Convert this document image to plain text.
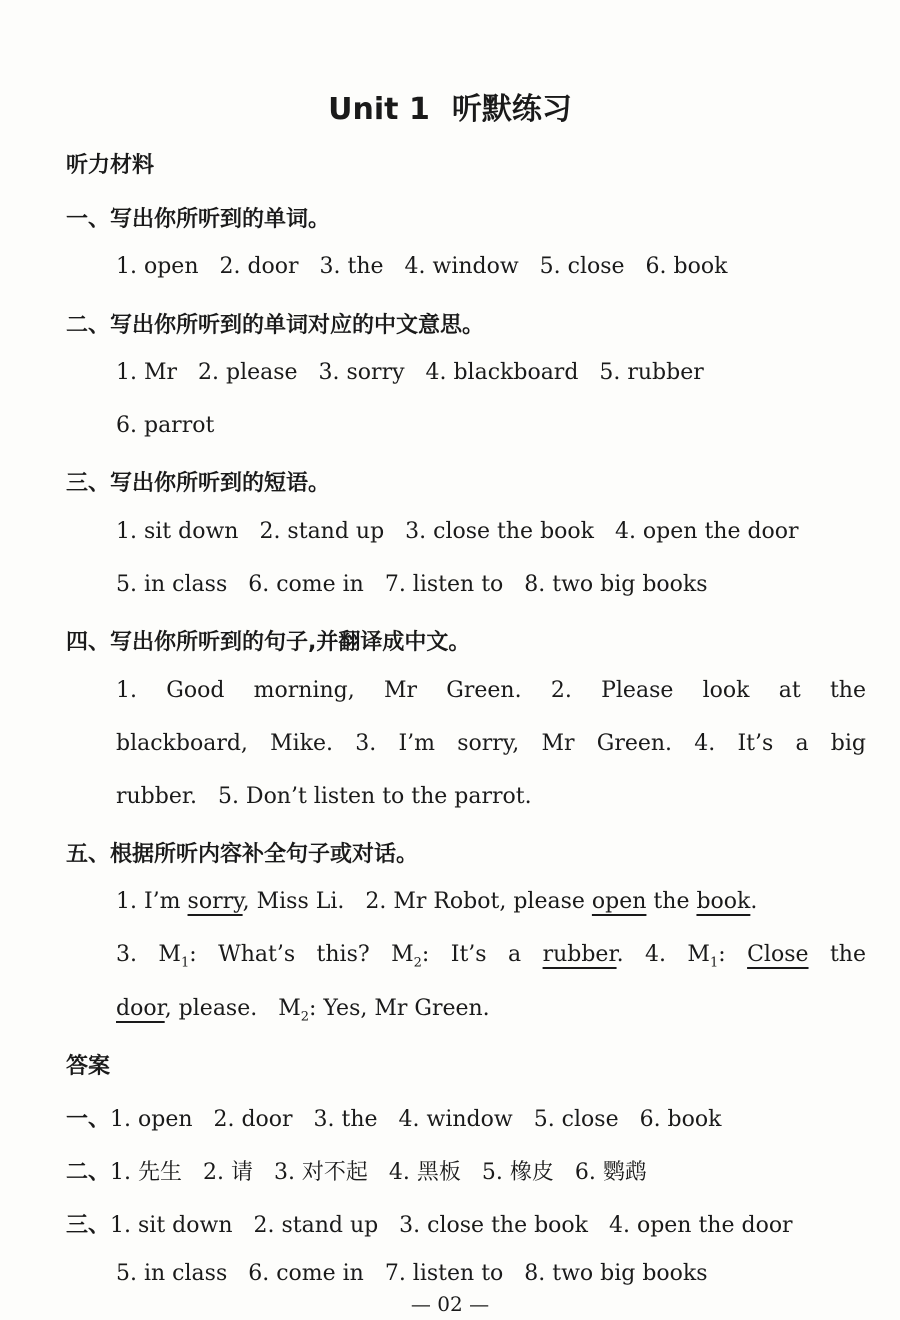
Unit 1 听默练习
听力材料
一、写出你所听到的单词。
1. open   2. door   3. the   4. window   5. close   6. book
二、写出你所听到的单词对应的中文意思。
1. Mr   2. please   3. sorry   4. blackboard   5. rubber
6. parrot
三、写出你所听到的短语。
1. sit down   2. stand up   3. close the book   4. open the door
5. in class   6. come in   7. listen to   8. two big books
四、写出你所听到的句子,并翻译成中文。
1. Good morning, Mr Green. 2. Please look at the
blackboard, Mike. 3. I’m sorry, Mr Green. 4. It’s a big
rubber.   5. Don’t listen to the parrot.
五、根据所听内容补全句子或对话。
1. I’m sorry, Miss Li.   2. Mr Robot, please open the book.
3. $M_1$: What’s this? $M_2$: It’s a rubber. 4. $M_1$: Close the
door, please.   $M_2$: Yes, Mr Green.
答案
一、1. open   2. door   3. the   4. window   5. close   6. book
二、1. 先生   2. 请   3. 对不起   4. 黑板   5. 橡皮   6. 鹦鹉
三、1. sit down   2. stand up   3. close the book   4. open the door
5. in class   6. come in   7. listen to   8. two big books
— 02 —
